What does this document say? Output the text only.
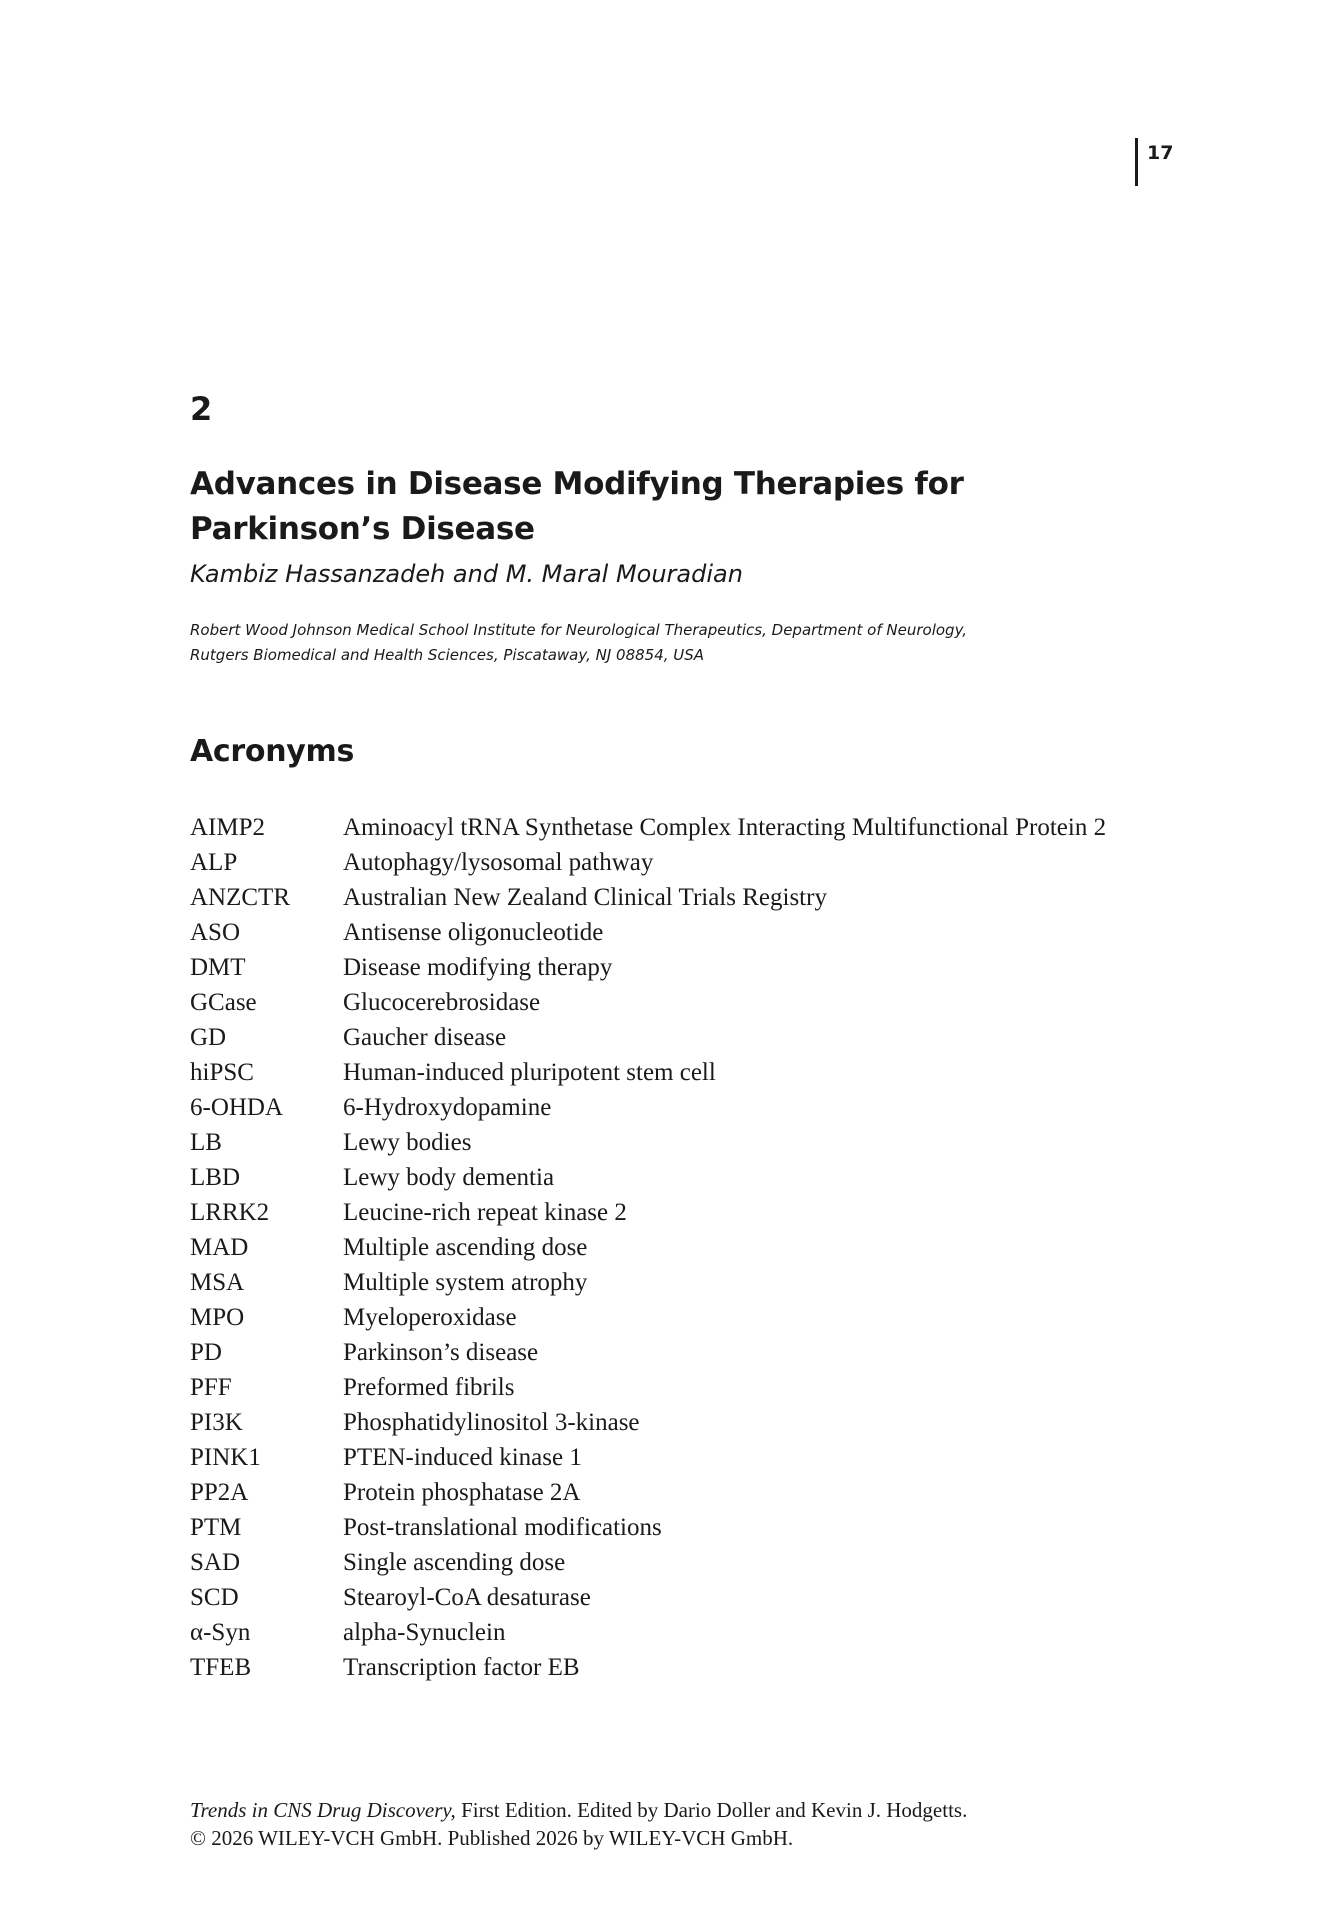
17
2
Advances in Disease Modifying Therapies for Parkinson’s Disease
Kambiz Hassanzadeh and M. Maral Mouradian
Robert Wood Johnson Medical School Institute for Neurological Therapeutics, Department of Neurology,
Rutgers Biomedical and Health Sciences, Piscataway, NJ 08854, USA
Acronyms
AIMP2	Aminoacyl tRNA Synthetase Complex Interacting Multifunctional Protein 2
ALP	Autophagy/lysosomal pathway
ANZCTR	Australian New Zealand Clinical Trials Registry
ASO	Antisense oligonucleotide
DMT	Disease modifying therapy
GCase	Glucocerebrosidase
GD	Gaucher disease
hiPSC	Human-induced pluripotent stem cell
6-OHDA	6-Hydroxydopamine
LB	Lewy bodies
LBD	Lewy body dementia
LRRK2	Leucine-rich repeat kinase 2
MAD	Multiple ascending dose
MSA	Multiple system atrophy
MPO	Myeloperoxidase
PD	Parkinson’s disease
PFF	Preformed fibrils
PI3K	Phosphatidylinositol 3-kinase
PINK1	PTEN-induced kinase 1
PP2A	Protein phosphatase 2A
PTM	Post-translational modifications
SAD	Single ascending dose
SCD	Stearoyl-CoA desaturase
α-Syn	alpha-Synuclein
TFEB	Transcription factor EB
Trends in CNS Drug Discovery, First Edition. Edited by Dario Doller and Kevin J. Hodgetts.
© 2026 WILEY-VCH GmbH. Published 2026 by WILEY-VCH GmbH.
